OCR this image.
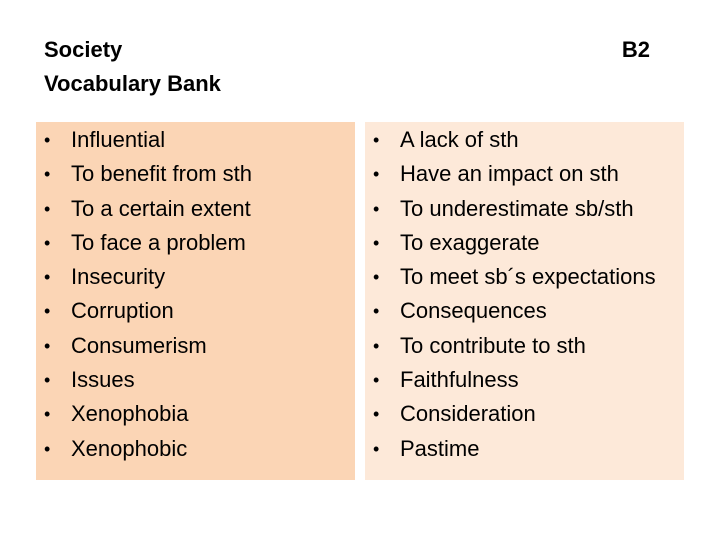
Society
Vocabulary Bank
B2
• Influential
• To benefit from sth
• To a certain extent
• To face a problem
• Insecurity
• Corruption
• Consumerism
• Issues
• Xenophobia
• Xenophobic
• A lack of sth
• Have an impact on sth
• To underestimate sb/sth
• To exaggerate
• To meet sb´s expectations
• Consequences
• To contribute to sth
• Faithfulness
• Consideration
• Pastime
